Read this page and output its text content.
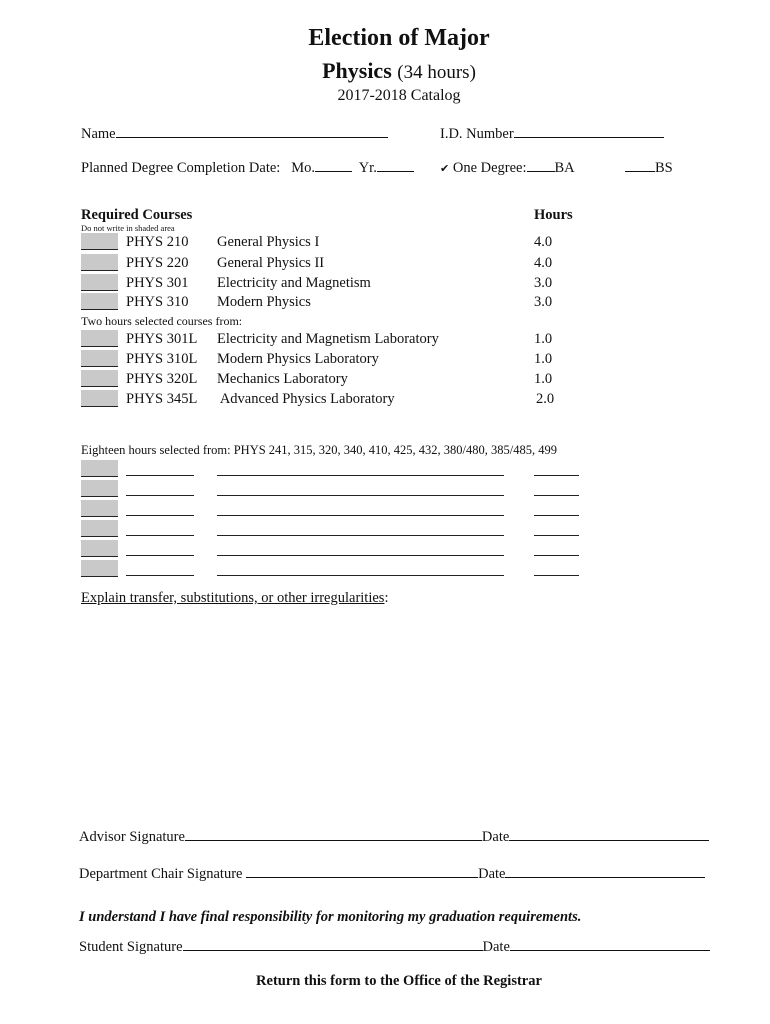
Election of Major
Physics (34 hours)
2017-2018 Catalog
Name	I.D. Number
Planned Degree Completion Date: Mo.	Yr.	✔ One Degree: BA	BS
Required Courses	Hours
Do not write in shaded area
PHYS 210 General Physics I	4.0
PHYS 220 General Physics II	4.0
PHYS 301 Electricity and Magnetism	3.0
PHYS 310 Modern Physics	3.0
Two hours selected courses from:
PHYS 301L Electricity and Magnetism Laboratory	1.0
PHYS 310L Modern Physics Laboratory	1.0
PHYS 320L Mechanics Laboratory	1.0
PHYS 345L Advanced Physics Laboratory	2.0
Eighteen hours selected from: PHYS 241, 315, 320, 340, 410, 425, 432, 380/480, 385/485, 499
Explain transfer, substitutions, or other irregularities:
Advisor Signature	Date
Department Chair Signature	Date
I understand I have final responsibility for monitoring my graduation requirements.
Student Signature	Date
Return this form to the Office of the Registrar
